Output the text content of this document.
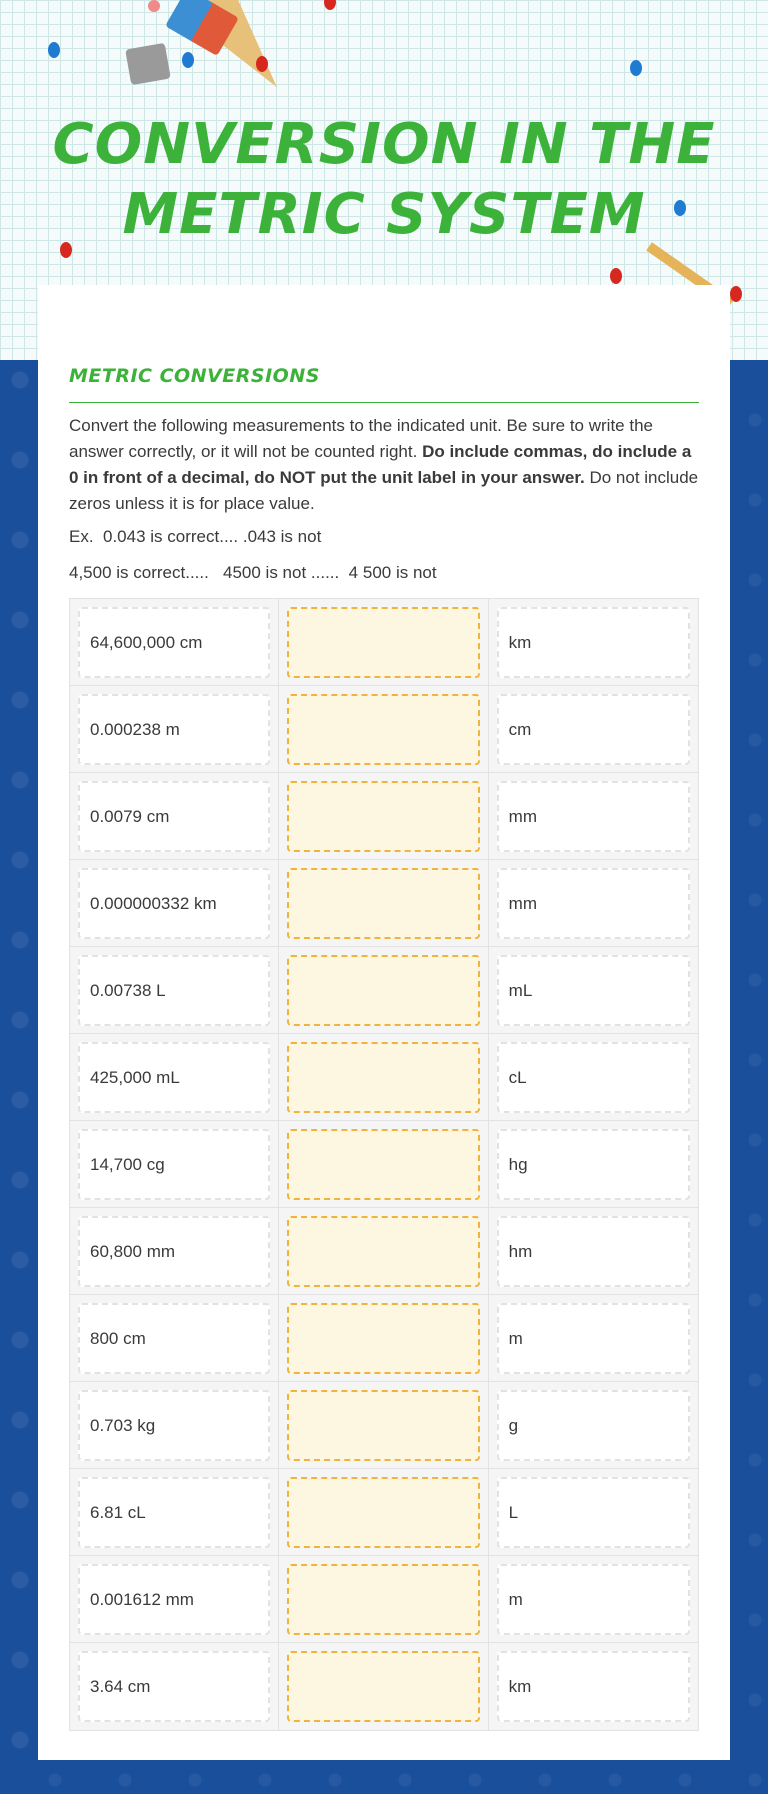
CONVERSION IN THE METRIC SYSTEM
METRIC CONVERSIONS

Convert the following measurements to the indicated unit. Be sure to write the answer correctly, or it will not be counted right. Do include commas, do include a 0 in front of a decimal, do NOT put the unit label in your answer. Do not include zeros unless it is for place value.

Ex.  0.043 is correct.... .043 is not
4,500 is correct.....   4500 is not ......  4 500 is not
64,600,000 cm	km
0.000238 m	cm
0.0079 cm	mm
0.000000332 km	mm
0.00738 L	mL
425,000 mL	cL
14,700 cg	hg
60,800 mm	hm
800 cm	m
0.703 kg	g
6.81 cL	L
0.001612 mm	m
3.64 cm	km
